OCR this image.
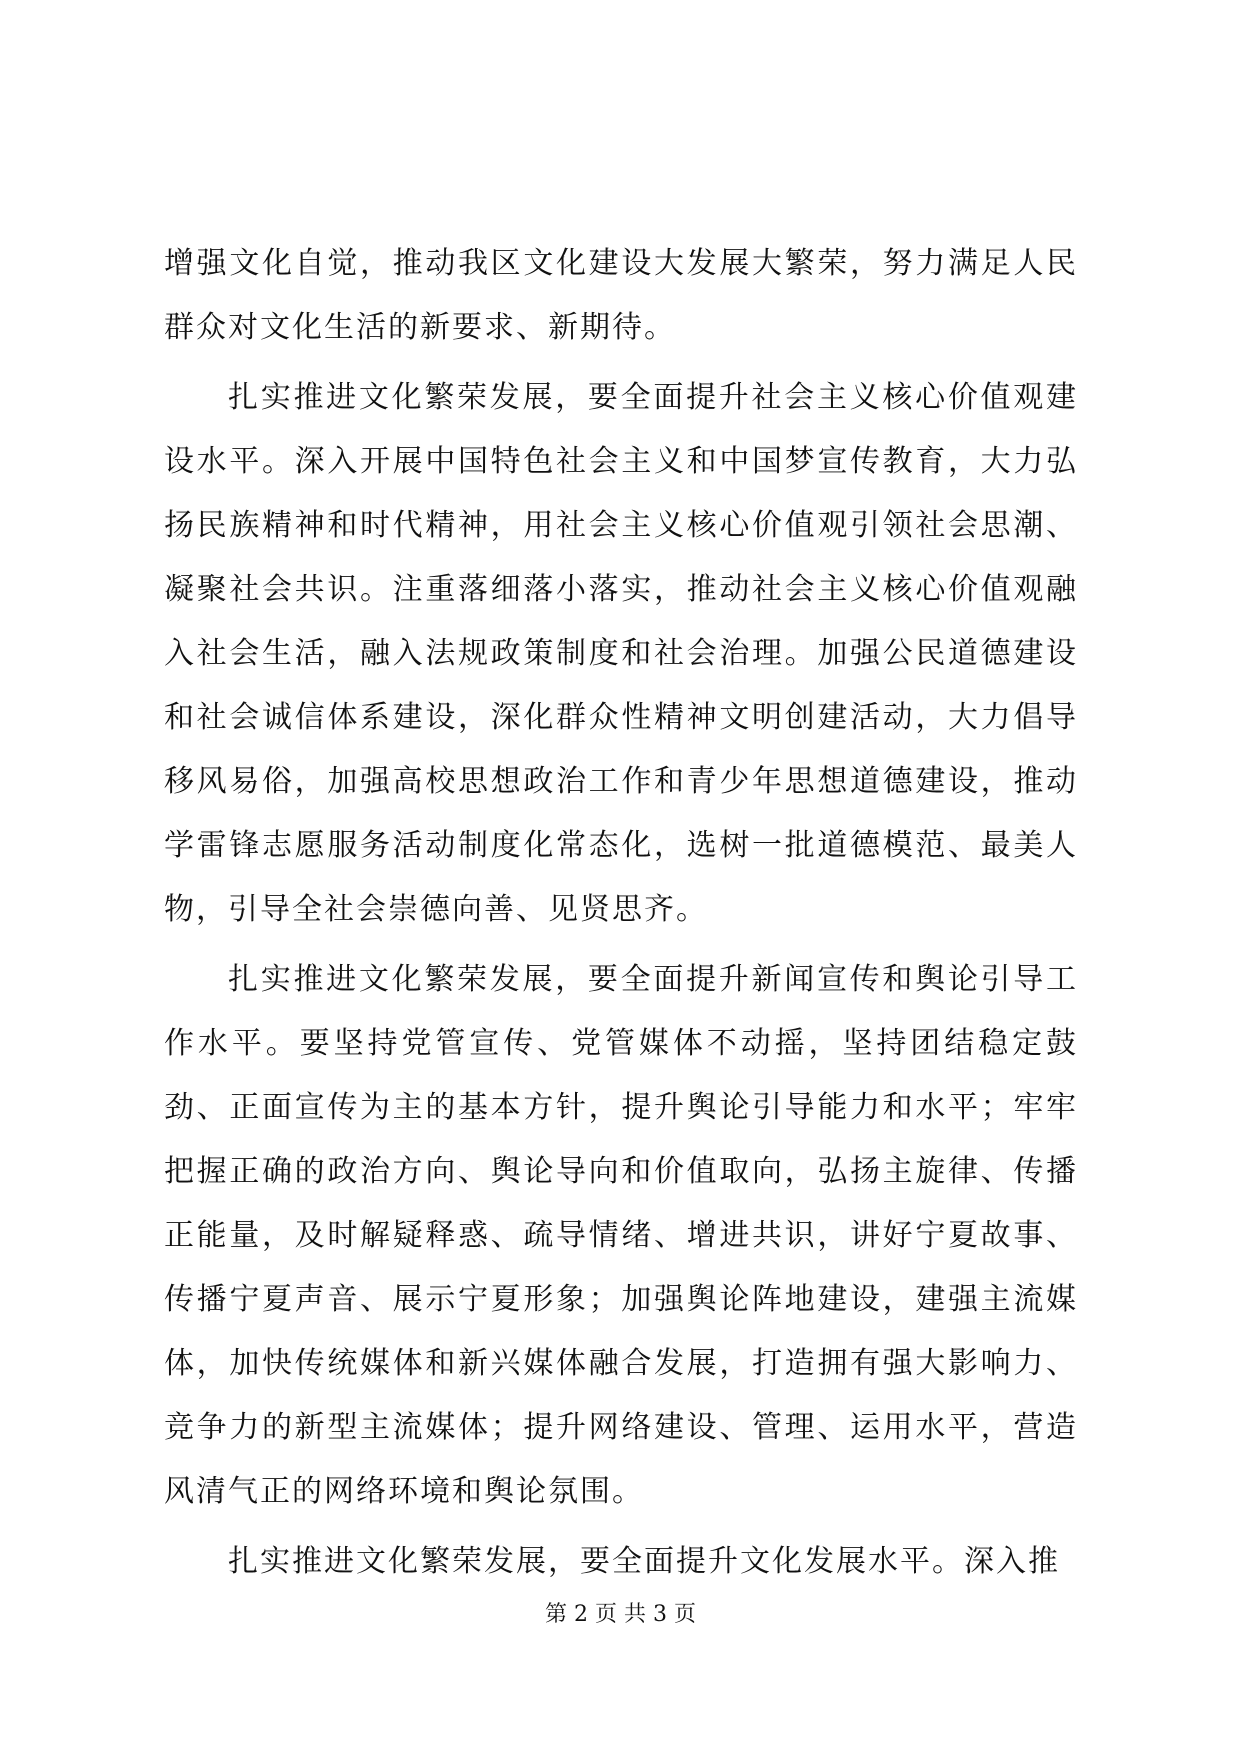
增强文化自觉，推动我区文化建设大发展大繁荣，努力满足人民群众对文化生活的新要求、新期待。

扎实推进文化繁荣发展，要全面提升社会主义核心价值观建设水平。深入开展中国特色社会主义和中国梦宣传教育，大力弘扬民族精神和时代精神，用社会主义核心价值观引领社会思潮、凝聚社会共识。注重落细落小落实，推动社会主义核心价值观融入社会生活，融入法规政策制度和社会治理。加强公民道德建设和社会诚信体系建设，深化群众性精神文明创建活动，大力倡导移风易俗，加强高校思想政治工作和青少年思想道德建设，推动学雷锋志愿服务活动制度化常态化，选树一批道德模范、最美人物，引导全社会崇德向善、见贤思齐。

扎实推进文化繁荣发展，要全面提升新闻宣传和舆论引导工作水平。要坚持党管宣传、党管媒体不动摇，坚持团结稳定鼓劲、正面宣传为主的基本方针，提升舆论引导能力和水平；牢牢把握正确的政治方向、舆论导向和价值取向，弘扬主旋律、传播正能量，及时解疑释惑、疏导情绪、增进共识，讲好宁夏故事、传播宁夏声音、展示宁夏形象；加强舆论阵地建设，建强主流媒体，加快传统媒体和新兴媒体融合发展，打造拥有强大影响力、竞争力的新型主流媒体；提升网络建设、管理、运用水平，营造风清气正的网络环境和舆论氛围。

扎实推进文化繁荣发展，要全面提升文化发展水平。深入推

第 2 页 共 3 页
